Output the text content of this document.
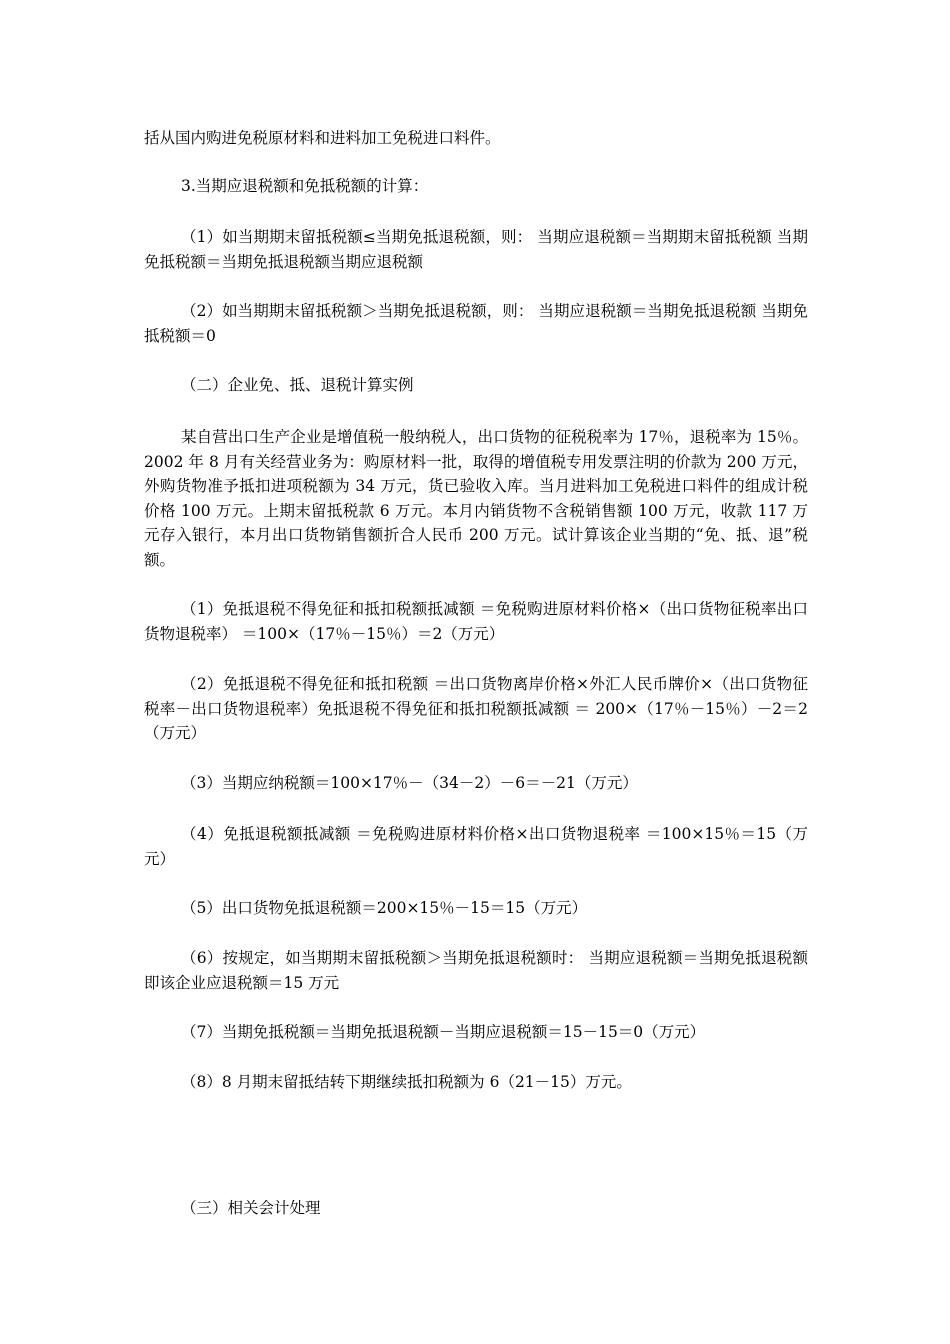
括从国内购进免税原材料和进料加工免税进口料件。

3.当期应退税额和免抵税额的计算：

（1）如当期期末留抵税额≤当期免抵退税额，则： 当期应退税额＝当期期末留抵税额 当期免抵税额＝当期免抵退税额当期应退税额

（2）如当期期末留抵税额＞当期免抵退税额，则： 当期应退税额＝当期免抵退税额 当期免抵税额＝0

（二）企业免、抵、退税计算实例

某自营出口生产企业是增值税一般纳税人，出口货物的征税税率为 17％，退税率为 15％。2002 年 8 月有关经营业务为：购原材料一批，取得的增值税专用发票注明的价款为 200 万元，外购货物准予抵扣进项税额为 34 万元，货已验收入库。当月进料加工免税进口料件的组成计税价格 100 万元。上期末留抵税款 6 万元。本月内销货物不含税销售额 100 万元，收款 117 万元存入银行，本月出口货物销售额折合人民币 200 万元。试计算该企业当期的“免、抵、退”税额。

（1）免抵退税不得免征和抵扣税额抵减额 ＝免税购进原材料价格×（出口货物征税率出口货物退税率） ＝100×（17％－15％）＝2（万元）

（2）免抵退税不得免征和抵扣税额 ＝出口货物离岸价格×外汇人民币牌价×（出口货物征税率－出口货物退税率）免抵退税不得免征和抵扣税额抵减额 ＝ 200×（17％－15％）－2＝2（万元）

（3）当期应纳税额＝100×17％－（34－2）－6＝－21（万元）

（4）免抵退税额抵减额 ＝免税购进原材料价格×出口货物退税率 ＝100×15％＝15（万元）

（5）出口货物免抵退税额＝200×15％－15＝15（万元）

（6）按规定，如当期期末留抵税额＞当期免抵退税额时： 当期应退税额＝当期免抵退税额 即该企业应退税额＝15 万元

（7）当期免抵税额＝当期免抵退税额－当期应退税额＝15－15＝0（万元）

（8）8 月期末留抵结转下期继续抵扣税额为 6（21－15）万元。

（三）相关会计处理
